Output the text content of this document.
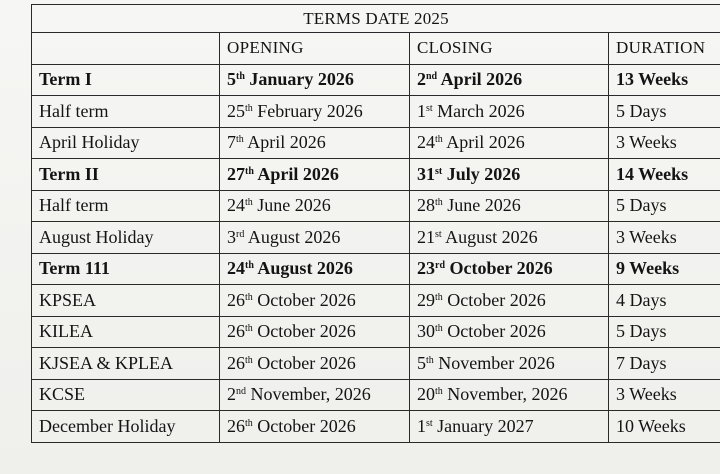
TERMS DATE 2025			
	OPENING	CLOSING	DURATION
Term I	5th January 2026	2nd April 2026	13 Weeks
Half term	25th February 2026	1st March 2026	5 Days
April Holiday	7th April 2026	24th April 2026	3 Weeks
Term II	27th April 2026	31st July 2026	14 Weeks
Half term	24th June 2026	28th June 2026	5 Days
August Holiday	3rd August 2026	21st August 2026	3 Weeks
Term 111	24th August 2026	23rd October 2026	9 Weeks
KPSEA	26th October 2026	29th October 2026	4 Days
KILEA	26th October 2026	30th October 2026	5 Days
KJSEA & KPLEA	26th October 2026	5th November 2026	7 Days
KCSE	2nd November, 2026	20th November, 2026	3 Weeks
December Holiday	26th October 2026	1st January 2027	10 Weeks
